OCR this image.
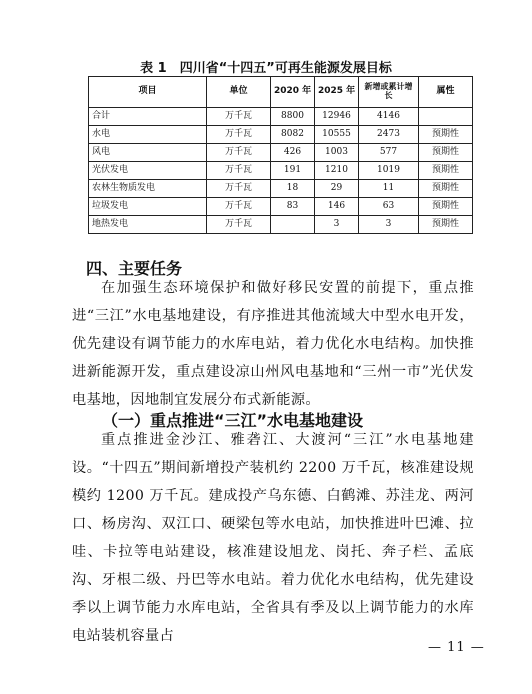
表 1　四川省“十四五”可再生能源发展目标
项目	单位	2020 年	2025 年	新增或累计增长	属性
合计	万千瓦	8800	12946	4146	
水电	万千瓦	8082	10555	2473	预期性
风电	万千瓦	426	1003	577	预期性
光伏发电	万千瓦	191	1210	1019	预期性
农林生物质发电	万千瓦	18	29	11	预期性
垃圾发电	万千瓦	83	146	63	预期性
地热发电	万千瓦		3	3	预期性
四、主要任务
在加强生态环境保护和做好移民安置的前提下，重点推进“三江”水电基地建设，有序推进其他流域大中型水电开发，优先建设有调节能力的水库电站，着力优化水电结构。加快推进新能源开发，重点建设凉山州风电基地和“三州一市”光伏发电基地，因地制宜发展分布式新能源。
（一）重点推进“三江”水电基地建设
重点推进金沙江、雅砻江、大渡河“三江”水电基地建设。“十四五”期间新增投产装机约 2200 万千瓦，核准建设规模约 1200 万千瓦。建成投产乌东德、白鹤滩、苏洼龙、两河口、杨房沟、双江口、硬梁包等水电站，加快推进叶巴滩、拉哇、卡拉等电站建设，核准建设旭龙、岗托、奔子栏、孟底沟、牙根二级、丹巴等水电站。着力优化水电结构，优先建设季以上调节能力水库电站，全省具有季及以上调节能力的水库电站装机容量占
— 11 —
